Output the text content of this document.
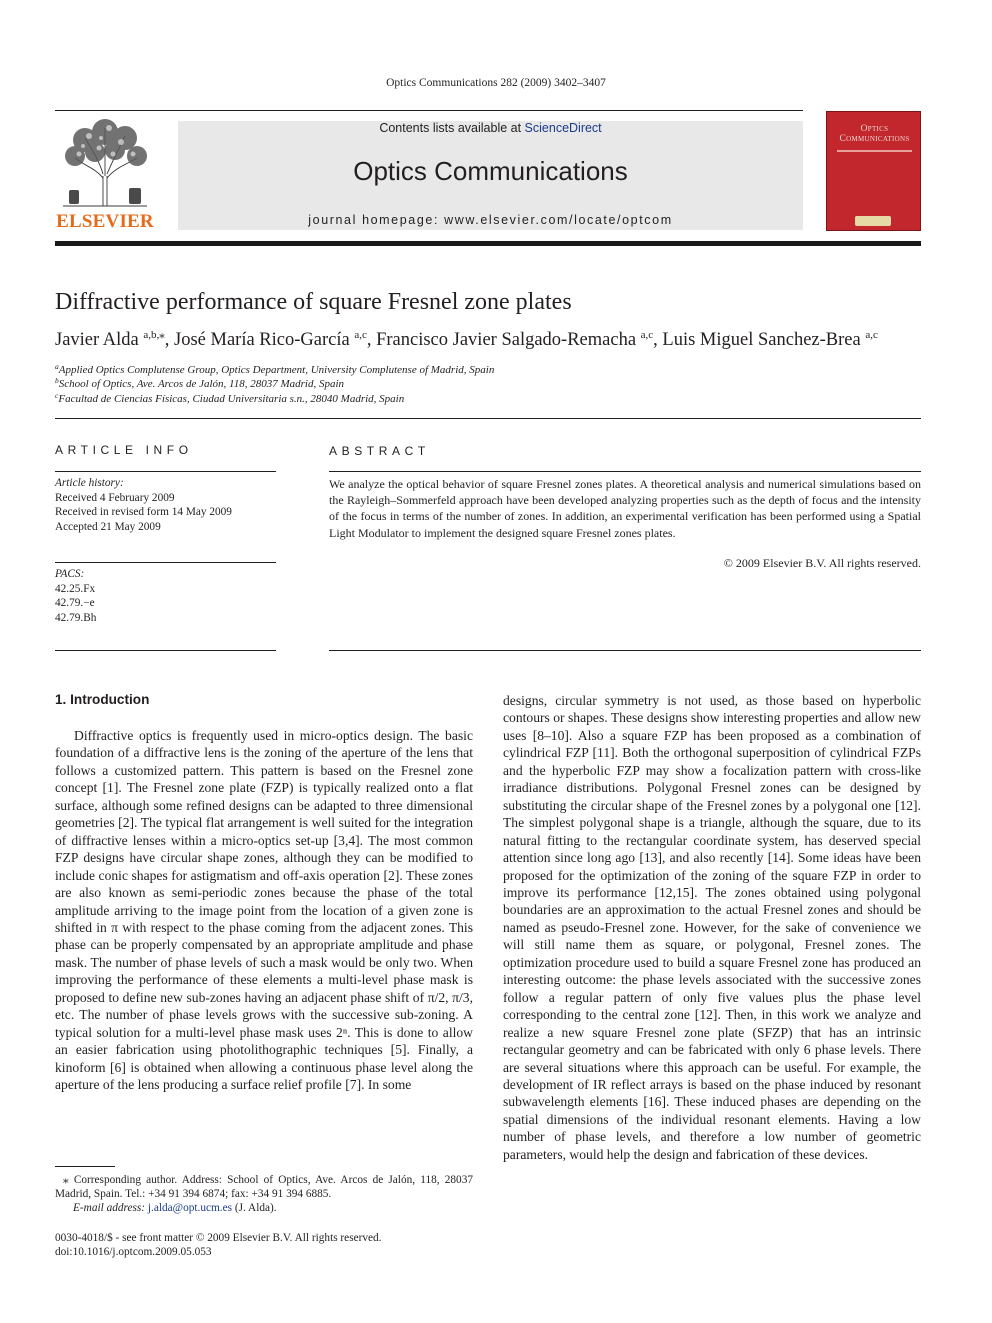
Optics Communications 282 (2009) 3402–3407
ELSEVIER
Contents lists available at ScienceDirect
Optics Communications
journal homepage: www.elsevier.com/locate/optcom
Optics
Communications
Diffractive performance of square Fresnel zone plates
Javier Alda $^{a,b,⁎}$, José María Rico-García $^{a,c}$, Francisco Javier Salgado-Remacha $^{a,c}$, Luis Miguel Sanchez-Brea $^{a,c}$
$^a$Applied Optics Complutense Group, Optics Department, University Complutense of Madrid, Spain
$^b$School of Optics, Ave. Arcos de Jalón, 118, 28037 Madrid, Spain
$^c$Facultad de Ciencias Físicas, Ciudad Universitaria s.n., 28040 Madrid, Spain
ARTICLE INFO
Article history:
Received 4 February 2009
Received in revised form 14 May 2009
Accepted 21 May 2009
PACS:
42.25.Fx
42.79.−e
42.79.Bh
ABSTRACT
We analyze the optical behavior of square Fresnel zones plates. A theoretical analysis and numerical simulations based on the Rayleigh–Sommerfeld approach have been developed analyzing properties such as the depth of focus and the intensity of the focus in terms of the number of zones. In addition, an experimental verification has been performed using a Spatial Light Modulator to implement the designed square Fresnel zones plates.
© 2009 Elsevier B.V. All rights reserved.
1. Introduction
Diffractive optics is frequently used in micro-optics design. The basic foundation of a diffractive lens is the zoning of the aperture of the lens that follows a customized pattern. This pattern is based on the Fresnel zone concept [1]. The Fresnel zone plate (FZP) is typically realized onto a flat surface, although some refined designs can be adapted to three dimensional geometries [2]. The typical flat arrangement is well suited for the integration of diffractive lenses within a micro-optics set-up [3,4]. The most common FZP designs have circular shape zones, although they can be modified to include conic shapes for astigmatism and off-axis operation [2]. These zones are also known as semi-periodic zones because the phase of the total amplitude arriving to the image point from the location of a given zone is shifted in π with respect to the phase coming from the adjacent zones. This phase can be properly compensated by an appropriate amplitude and phase mask. The number of phase levels of such a mask would be only two. When improving the performance of these elements a multi-level phase mask is proposed to define new sub-zones having an adjacent phase shift of π/2, π/3, etc. The number of phase levels grows with the successive sub-zoning. A typical solution for a multi-level phase mask uses 2ⁿ. This is done to allow an easier fabrication using photolithographic techniques [5]. Finally, a kinoform [6] is obtained when allowing a continuous phase level along the aperture of the lens producing a surface relief profile [7]. In some
designs, circular symmetry is not used, as those based on hyperbolic contours or shapes. These designs show interesting properties and allow new uses [8–10]. Also a square FZP has been proposed as a combination of cylindrical FZP [11]. Both the orthogonal superposition of cylindrical FZPs and the hyperbolic FZP may show a focalization pattern with cross-like irradiance distributions. Polygonal Fresnel zones can be designed by substituting the circular shape of the Fresnel zones by a polygonal one [12]. The simplest polygonal shape is a triangle, although the square, due to its natural fitting to the rectangular coordinate system, has deserved special attention since long ago [13], and also recently [14]. Some ideas have been proposed for the optimization of the zoning of the square FZP in order to improve its performance [12,15]. The zones obtained using polygonal boundaries are an approximation to the actual Fresnel zones and should be named as pseudo-Fresnel zone. However, for the sake of convenience we will still name them as square, or polygonal, Fresnel zones. The optimization procedure used to build a square Fresnel zone has produced an interesting outcome: the phase levels associated with the successive zones follow a regular pattern of only five values plus the phase level corresponding to the central zone [12]. Then, in this work we analyze and realize a new square Fresnel zone plate (SFZP) that has an intrinsic rectangular geometry and can be fabricated with only 6 phase levels. There are several situations where this approach can be useful. For example, the development of IR reflect arrays is based on the phase induced by resonant subwavelength elements [16]. These induced phases are depending on the spatial dimensions of the individual resonant elements. Having a low number of phase levels, and therefore a low number of geometric parameters, would help the design and fabrication of these devices.
⁎ Corresponding author. Address: School of Optics, Ave. Arcos de Jalón, 118, 28037 Madrid, Spain. Tel.: +34 91 394 6874; fax: +34 91 394 6885.
E-mail address: j.alda@opt.ucm.es (J. Alda).
0030-4018/$ - see front matter © 2009 Elsevier B.V. All rights reserved.
doi:10.1016/j.optcom.2009.05.053
